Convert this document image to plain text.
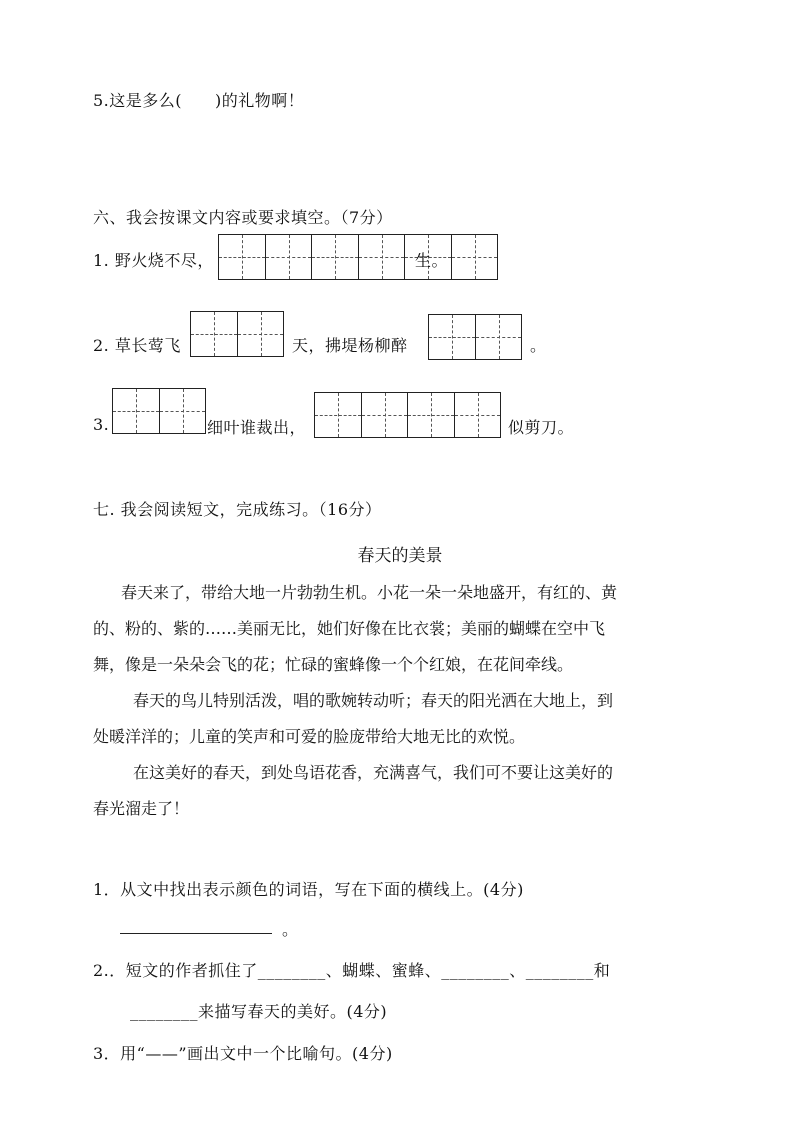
5.这是多么(　　)的礼物啊！
六、我会按课文内容或要求填空。（7分）
1. 野火烧不尽，	生。
2. 草长莺飞	天，拂堤杨柳醉	。
3.	细叶谁裁出，	似剪刀。
七. 我会阅读短文，完成练习。（16分）
春天的美景
春天来了，带给大地一片勃勃生机。小花一朵一朵地盛开，有红的、黄
的、粉的、紫的……美丽无比，她们好像在比衣裳；美丽的蝴蝶在空中飞
舞，像是一朵朵会飞的花；忙碌的蜜蜂像一个个红娘，在花间牵线。
春天的鸟儿特别活泼，唱的歌婉转动听；春天的阳光洒在大地上，到
处暖洋洋的；儿童的笑声和可爱的脸庞带给大地无比的欢悦。
在这美好的春天，到处鸟语花香，充满喜气，我们可不要让这美好的
春光溜走了！
1．从文中找出表示颜色的词语，写在下面的横线上。(4分)
。
2.．短文的作者抓住了________、蝴蝶、蜜蜂、________、________和
________来描写春天的美好。(4分)
3．用“——”画出文中一个比喻句。(4分)
